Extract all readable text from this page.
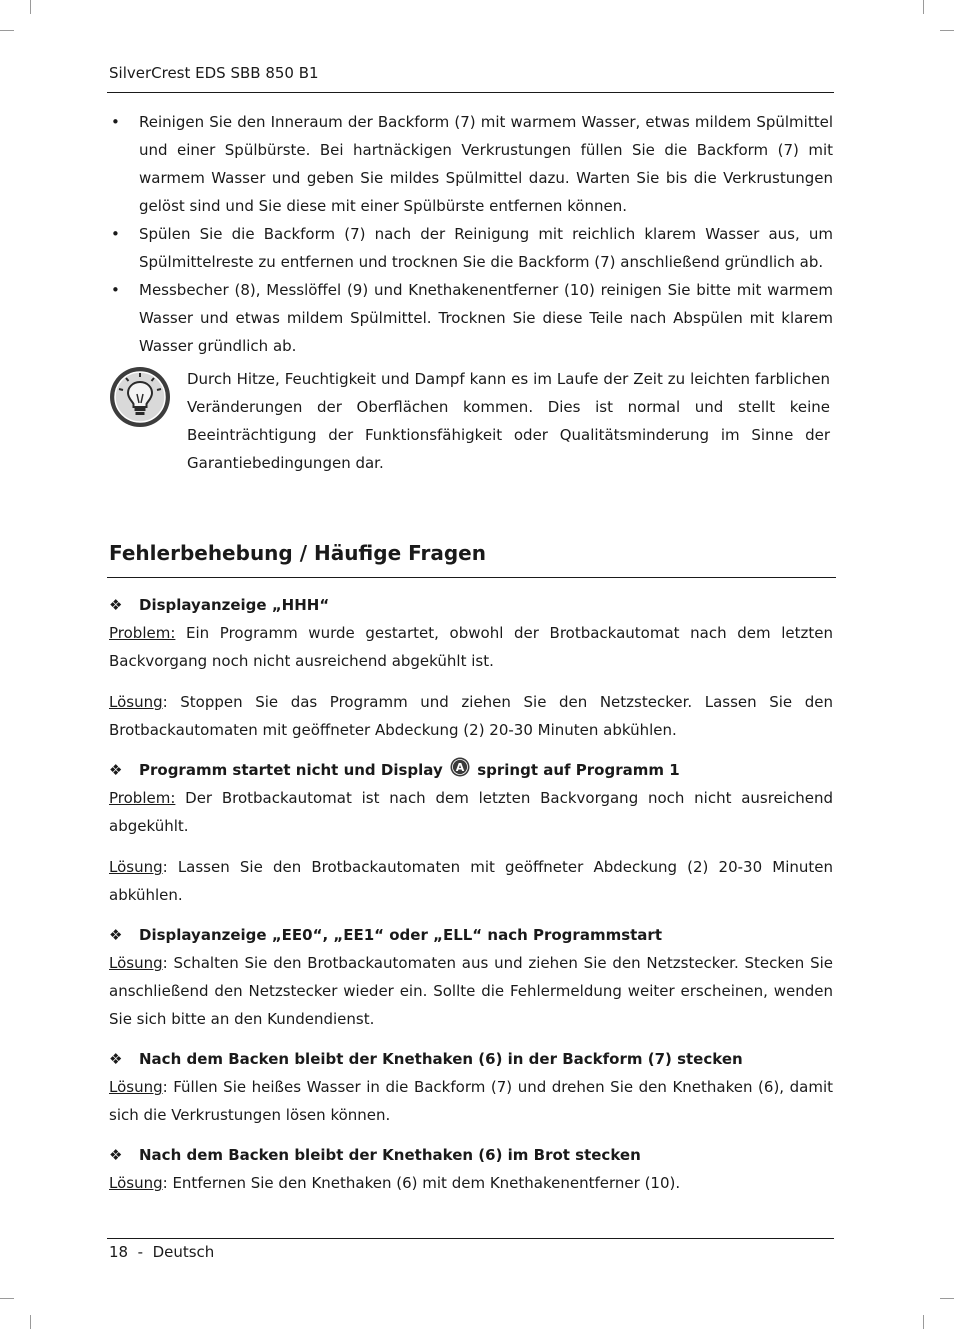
SilverCrest EDS SBB 850 B1
• Reinigen Sie den Inneraum der Backform (7) mit warmem Wasser, etwas mildem Spülmittel und einer Spülbürste. Bei hartnäckigen Verkrustungen füllen Sie die Backform (7) mit warmem Wasser und geben Sie mildes Spülmittel dazu. Warten Sie bis die Verkrustungen gelöst sind und Sie diese mit einer Spülbürste entfernen können.
• Spülen Sie die Backform (7) nach der Reinigung mit reichlich klarem Wasser aus, um Spülmittelreste zu entfernen und trocknen Sie die Backform (7) anschließend gründlich ab.
• Messbecher (8), Messlöffel (9) und Knethakenentferner (10) reinigen Sie bitte mit warmem Wasser und etwas mildem Spülmittel. Trocknen Sie diese Teile nach Abspülen mit klarem Wasser gründlich ab.
Durch Hitze, Feuchtigkeit und Dampf kann es im Laufe der Zeit zu leichten farblichen Veränderungen der Oberflächen kommen. Dies ist normal und stellt keine Beeinträchtigung der Funktionsfähigkeit oder Qualitätsminderung im Sinne der Garantiebedingungen dar.
Fehlerbehebung / Häufige Fragen
❖ Displayanzeige „HHH“

Problem: Ein Programm wurde gestartet, obwohl der Brotbackautomat nach dem letzten Backvorgang noch nicht ausreichend abgekühlt ist.

Lösung: Stoppen Sie das Programm und ziehen Sie den Netzstecker. Lassen Sie den Brotbackautomaten mit geöffneter Abdeckung (2) 20-30 Minuten abkühlen.

❖ Programm startet nicht und Display A springt auf Programm 1

Problem: Der Brotbackautomat ist nach dem letzten Backvorgang noch nicht ausreichend abgekühlt.

Lösung: Lassen Sie den Brotbackautomaten mit geöffneter Abdeckung (2) 20-30 Minuten abkühlen.

❖ Displayanzeige „EE0“, „EE1“ oder „ELL“ nach Programmstart

Lösung: Schalten Sie den Brotbackautomaten aus und ziehen Sie den Netzstecker. Stecken Sie anschließend den Netzstecker wieder ein. Sollte die Fehlermeldung weiter erscheinen, wenden Sie sich bitte an den Kundendienst.

❖ Nach dem Backen bleibt der Knethaken (6) in der Backform (7) stecken

Lösung: Füllen Sie heißes Wasser in die Backform (7) und drehen Sie den Knethaken (6), damit sich die Verkrustungen lösen können.

❖ Nach dem Backen bleibt der Knethaken (6) im Brot stecken

Lösung: Entfernen Sie den Knethaken (6) mit dem Knethakenentferner (10).

18  -  Deutsch
